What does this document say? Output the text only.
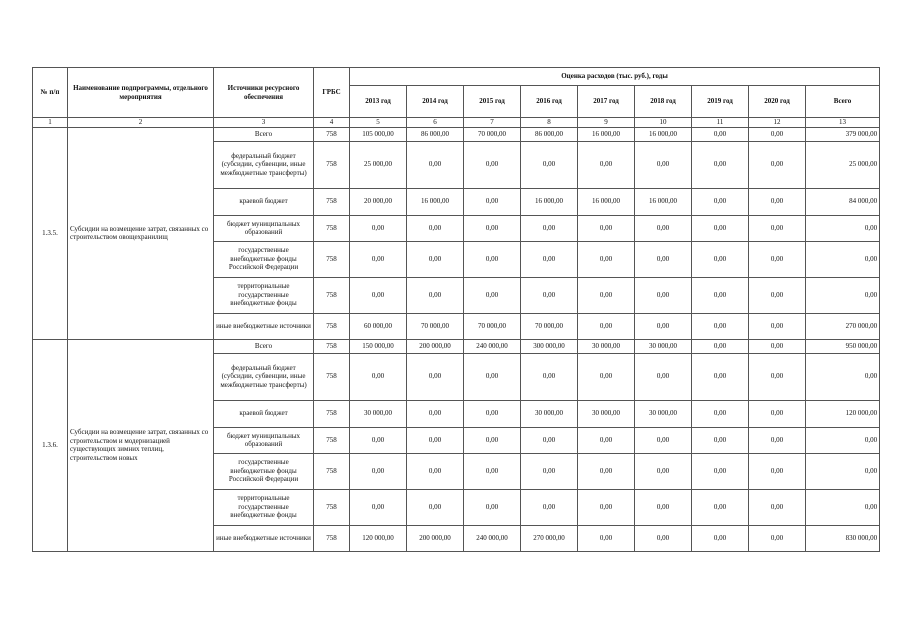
№ п/п	Наименование подпрограммы, отдельного мероприятия	Источники ресурсного обеспечения	ГРБС	Оценка расходов (тыс. руб.), годы								
				2013 год	2014 год	2015 год	2016 год	2017 год	2018 год	2019 год	2020 год	Всего
1	2	3	4	5	6	7	8	9	10	11	12	13
1.3.5.	Субсидии на возмещение затрат, связанных со строительством овощехранилищ	Всего	758	105 000,00	86 000,00	70 000,00	86 000,00	16 000,00	16 000,00	0,00	0,00	379 000,00
		федеральный бюджет (субсидии, субвенции, иные межбюджетные трансферты)	758	25 000,00	0,00	0,00	0,00	0,00	0,00	0,00	0,00	25 000,00
		краевой бюджет	758	20 000,00	16 000,00	0,00	16 000,00	16 000,00	16 000,00	0,00	0,00	84 000,00
		бюджет муниципальных образований	758	0,00	0,00	0,00	0,00	0,00	0,00	0,00	0,00	0,00
		государственные внебюджетные фонды Российской Федерации	758	0,00	0,00	0,00	0,00	0,00	0,00	0,00	0,00	0,00
		территориальные государственные внебюджетные фонды	758	0,00	0,00	0,00	0,00	0,00	0,00	0,00	0,00	0,00
		иные внебюджетные источники	758	60 000,00	70 000,00	70 000,00	70 000,00	0,00	0,00	0,00	0,00	270 000,00
1.3.6.	Субсидии на возмещение затрат, связанных со строительством и модернизацией существующих зимних теплиц, строительством новых	Всего	758	150 000,00	200 000,00	240 000,00	300 000,00	30 000,00	30 000,00	0,00	0,00	950 000,00
		федеральный бюджет (субсидии, субвенции, иные межбюджетные трансферты)	758	0,00	0,00	0,00	0,00	0,00	0,00	0,00	0,00	0,00
		краевой бюджет	758	30 000,00	0,00	0,00	30 000,00	30 000,00	30 000,00	0,00	0,00	120 000,00
		бюджет муниципальных образований	758	0,00	0,00	0,00	0,00	0,00	0,00	0,00	0,00	0,00
		государственные внебюджетные фонды Российской Федерации	758	0,00	0,00	0,00	0,00	0,00	0,00	0,00	0,00	0,00
		территориальные государственные внебюджетные фонды	758	0,00	0,00	0,00	0,00	0,00	0,00	0,00	0,00	0,00
		иные внебюджетные источники	758	120 000,00	200 000,00	240 000,00	270 000,00	0,00	0,00	0,00	0,00	830 000,00
